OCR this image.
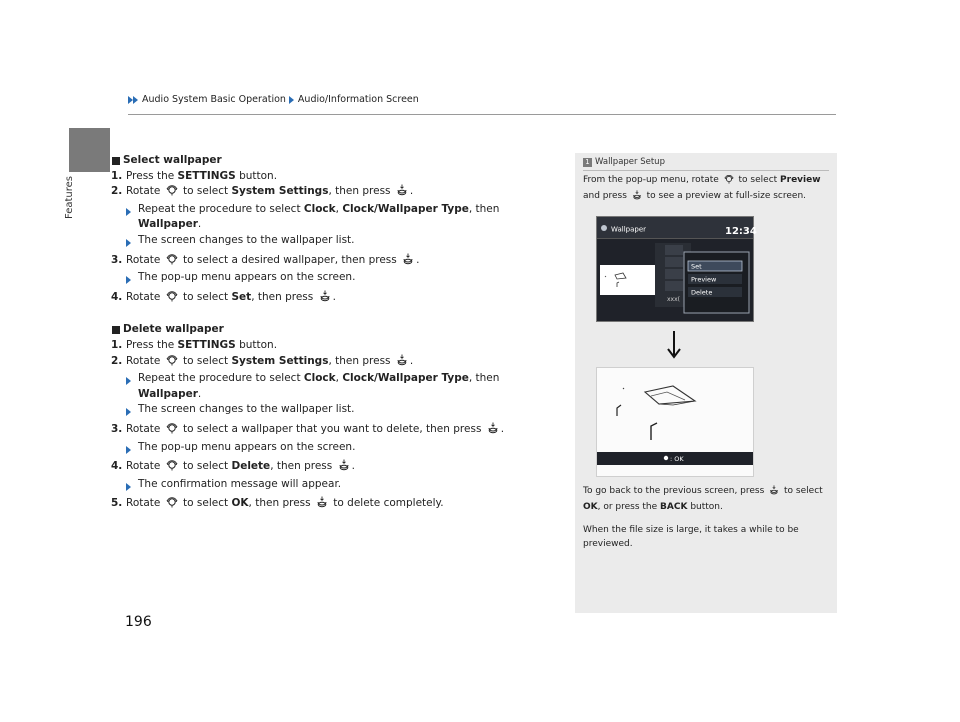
Audio System Basic Operation Audio/Information Screen
Features
196
Select wallpaper
1. Press the SETTINGS button.
2. Rotate  to select System Settings, then press .
Repeat the procedure to select Clock, Clock/Wallpaper Type, then
Wallpaper.
The screen changes to the wallpaper list.
3. Rotate  to select a desired wallpaper, then press .
The pop-up menu appears on the screen.
4. Rotate  to select Set, then press .
Delete wallpaper
1. Press the SETTINGS button.
2. Rotate  to select System Settings, then press .
Repeat the procedure to select Clock, Clock/Wallpaper Type, then
Wallpaper.
The screen changes to the wallpaper list.
3. Rotate  to select a wallpaper that you want to delete, then press .
The pop-up menu appears on the screen.
4. Rotate  to select Delete, then press .
The confirmation message will appear.
5. Rotate  to select OK, then press  to delete completely.
1 Wallpaper Setup
From the pop-up menu, rotate  to select Preview
and press  to see a preview at full-size screen.
Wallpaper	12:34
xxx(
Set
Preview
Delete
: OK
To go back to the previous screen, press  to select
OK, or press the BACK button.
When the file size is large, it takes a while to be previewed.
